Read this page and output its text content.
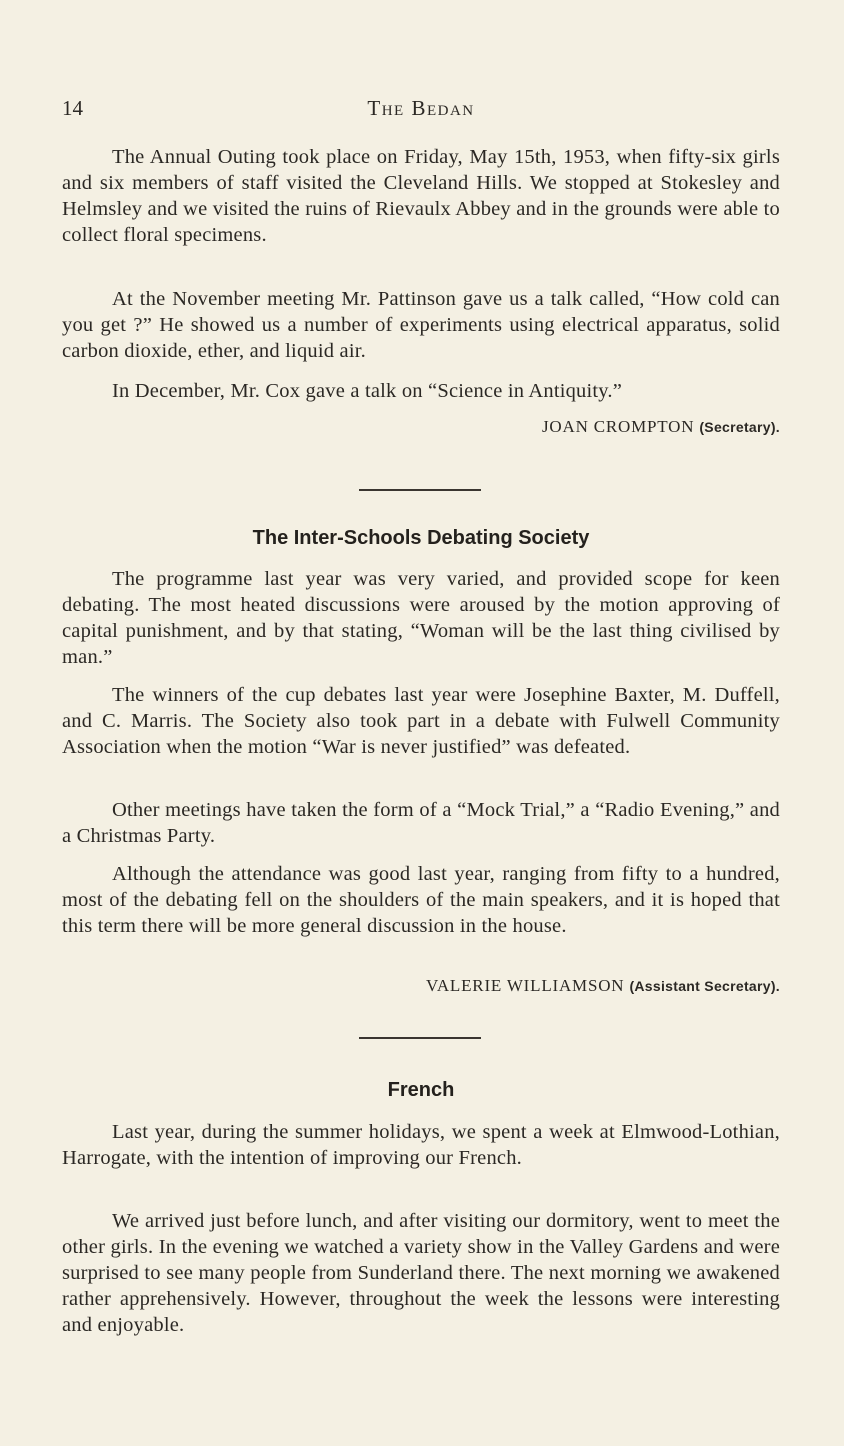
14	The Bedan

The Annual Outing took place on Friday, May 15th, 1953, when fifty-six girls and six members of staff visited the Cleveland Hills. We stopped at Stokesley and Helmsley and we visited the ruins of Rievaulx Abbey and in the grounds were able to collect floral specimens.

At the November meeting Mr. Pattinson gave us a talk called, “How cold can you get ?” He showed us a number of experiments using electrical apparatus, solid carbon dioxide, ether, and liquid air.

In December, Mr. Cox gave a talk on “Science in Antiquity.”

JOAN CROMPTON (Secretary).
The Inter-Schools Debating Society

The programme last year was very varied, and provided scope for keen debating. The most heated discussions were aroused by the motion approving of capital punishment, and by that stating, “Woman will be the last thing civilised by man.”

The winners of the cup debates last year were Josephine Baxter, M. Duffell, and C. Marris. The Society also took part in a debate with Fulwell Community Association when the motion “War is never justified” was defeated.

Other meetings have taken the form of a “Mock Trial,” a “Radio Evening,” and a Christmas Party.

Although the attendance was good last year, ranging from fifty to a hundred, most of the debating fell on the shoulders of the main speakers, and it is hoped that this term there will be more general discussion in the house.

VALERIE WILLIAMSON (Assistant Secretary).
French

Last year, during the summer holidays, we spent a week at Elmwood-Lothian, Harrogate, with the intention of improving our French.

We arrived just before lunch, and after visiting our dormitory, went to meet the other girls. In the evening we watched a variety show in the Valley Gardens and were surprised to see many people from Sunderland there. The next morning we awakened rather apprehensively. However, throughout the week the lessons were interesting and enjoyable.
